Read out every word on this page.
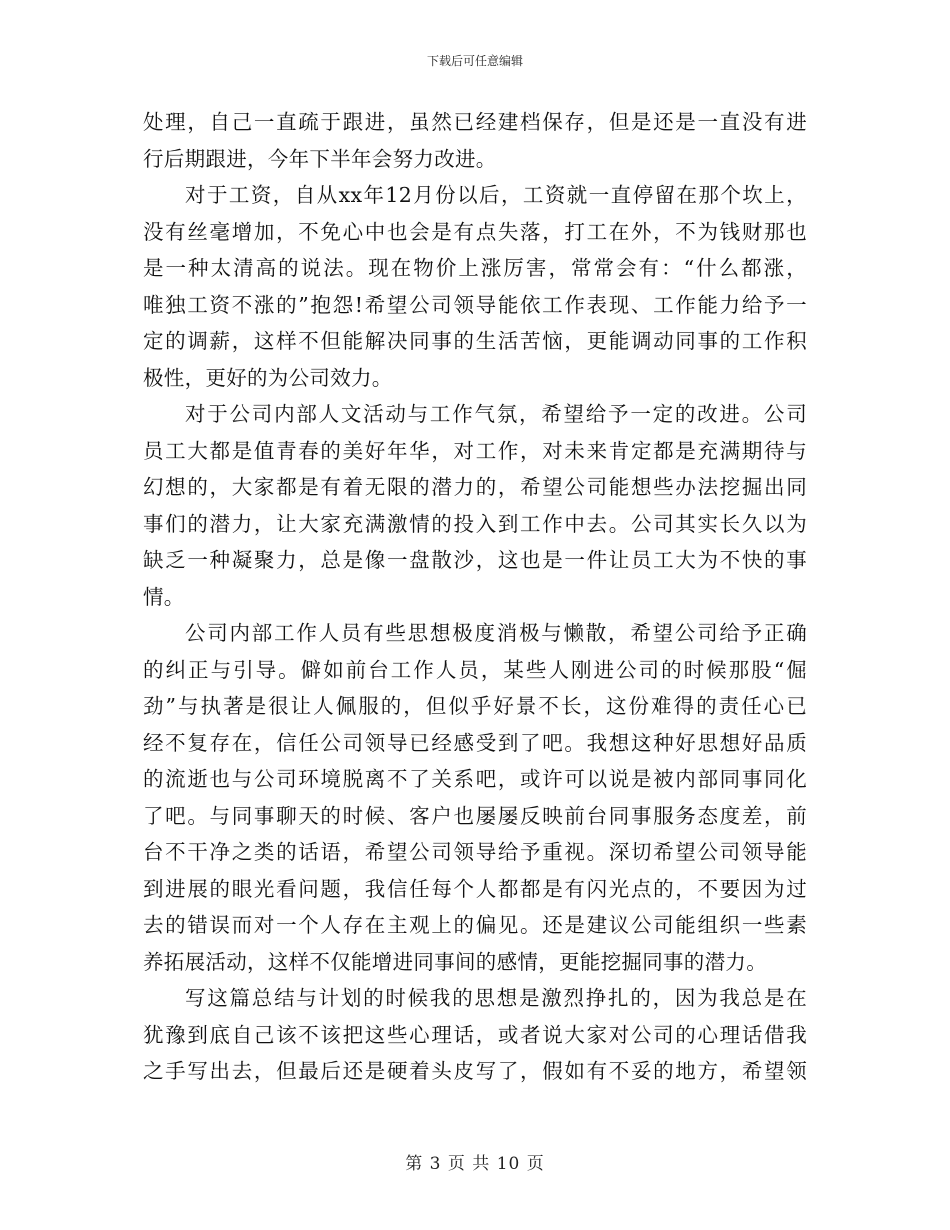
下载后可任意编辑
处理，自己一直疏于跟进，虽然已经建档保存，但是还是一直没有进
行后期跟进，今年下半年会努力改进。
对于工资，自从xx年12月份以后，工资就一直停留在那个坎上，
没有丝毫增加，不免心中也会是有点失落，打工在外，不为钱财那也
是一种太清高的说法。现在物价上涨厉害，常常会有：“什么都涨，
唯独工资不涨的”抱怨!希望公司领导能依工作表现、工作能力给予一
定的调薪，这样不但能解决同事的生活苦恼，更能调动同事的工作积
极性，更好的为公司效力。
对于公司内部人文活动与工作气氛，希望给予一定的改进。公司
员工大都是值青春的美好年华，对工作，对未来肯定都是充满期待与
幻想的，大家都是有着无限的潜力的，希望公司能想些办法挖掘出同
事们的潜力，让大家充满激情的投入到工作中去。公司其实长久以为
缺乏一种凝聚力，总是像一盘散沙，这也是一件让员工大为不快的事
情。
公司内部工作人员有些思想极度消极与懒散，希望公司给予正确
的纠正与引导。僻如前台工作人员，某些人刚进公司的时候那股“倔
劲”与执著是很让人佩服的，但似乎好景不长，这份难得的责任心已
经不复存在，信任公司领导已经感受到了吧。我想这种好思想好品质
的流逝也与公司环境脱离不了关系吧，或许可以说是被内部同事同化
了吧。与同事聊天的时候、客户也屡屡反映前台同事服务态度差，前
台不干净之类的话语，希望公司领导给予重视。深切希望公司领导能
到进展的眼光看问题，我信任每个人都都是有闪光点的，不要因为过
去的错误而对一个人存在主观上的偏见。还是建议公司能组织一些素
养拓展活动，这样不仅能增进同事间的感情，更能挖掘同事的潜力。
写这篇总结与计划的时候我的思想是激烈挣扎的，因为我总是在
犹豫到底自己该不该把这些心理话，或者说大家对公司的心理话借我
之手写出去，但最后还是硬着头皮写了，假如有不妥的地方，希望领
第 3 页 共 10 页
